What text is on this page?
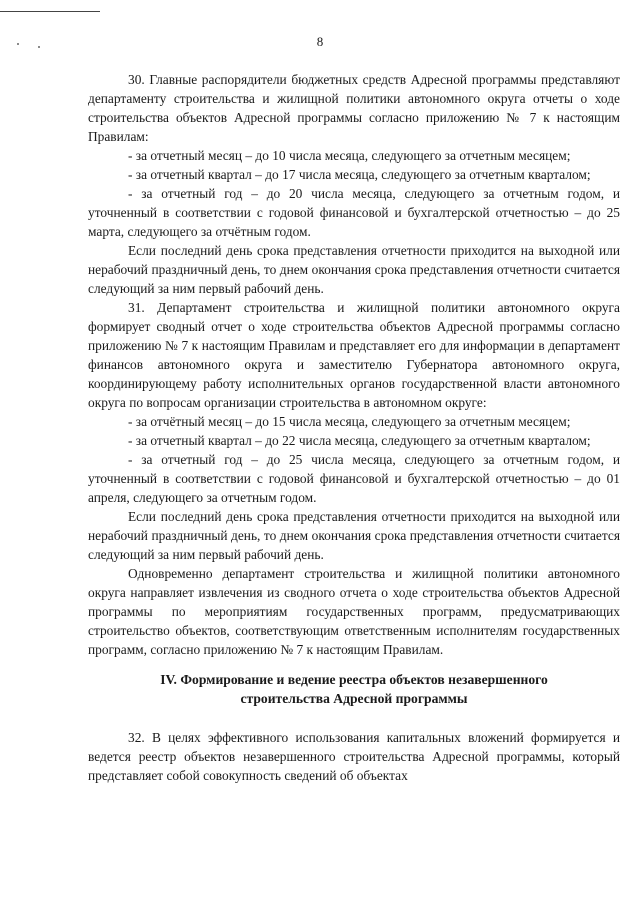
8

30. Главные распорядители бюджетных средств Адресной программы представляют департаменту строительства и жилищной политики автономного округа отчеты о ходе строительства объектов Адресной программы согласно приложению № 7 к настоящим Правилам:

- за отчетный месяц – до 10 числа месяца, следующего за отчетным месяцем;

- за отчетный квартал – до 17 числа месяца, следующего за отчетным кварталом;

- за отчетный год – до 20 числа месяца, следующего за отчетным годом, и уточненный в соответствии с годовой финансовой и бухгалтерской отчетностью – до 25 марта, следующего за отчётным годом.

Если последний день срока представления отчетности приходится на выходной или нерабочий праздничный день, то днем окончания срока представления отчетности считается следующий за ним первый рабочий день.

31. Департамент строительства и жилищной политики автономного округа формирует сводный отчет о ходе строительства объектов Адресной программы согласно приложению № 7 к настоящим Правилам и представляет его для информации в департамент финансов автономного округа и заместителю Губернатора автономного округа, координирующему работу исполнительных органов государственной власти автономного округа по вопросам организации строительства в автономном округе:

- за отчётный месяц – до 15 числа месяца, следующего за отчетным месяцем;

- за отчетный квартал – до 22 числа месяца, следующего за отчетным кварталом;

- за отчетный год – до 25 числа месяца, следующего за отчетным годом, и уточненный в соответствии с годовой финансовой и бухгалтерской отчетностью – до 01 апреля, следующего за отчетным годом.

Если последний день срока представления отчетности приходится на выходной или нерабочий праздничный день, то днем окончания срока представления отчетности считается следующий за ним первый рабочий день.

Одновременно департамент строительства и жилищной политики автономного округа направляет извлечения из сводного отчета о ходе строительства объектов Адресной программы по мероприятиям государственных программ, предусматривающих строительство объектов, соответствующим ответственным исполнителям государственных программ, согласно приложению № 7 к настоящим Правилам.

IV. Формирование и ведение реестра объектов незавершенного строительства Адресной программы

32. В целях эффективного использования капитальных вложений формируется и ведется реестр объектов незавершенного строительства Адресной программы, который представляет собой совокупность сведений об объектах
